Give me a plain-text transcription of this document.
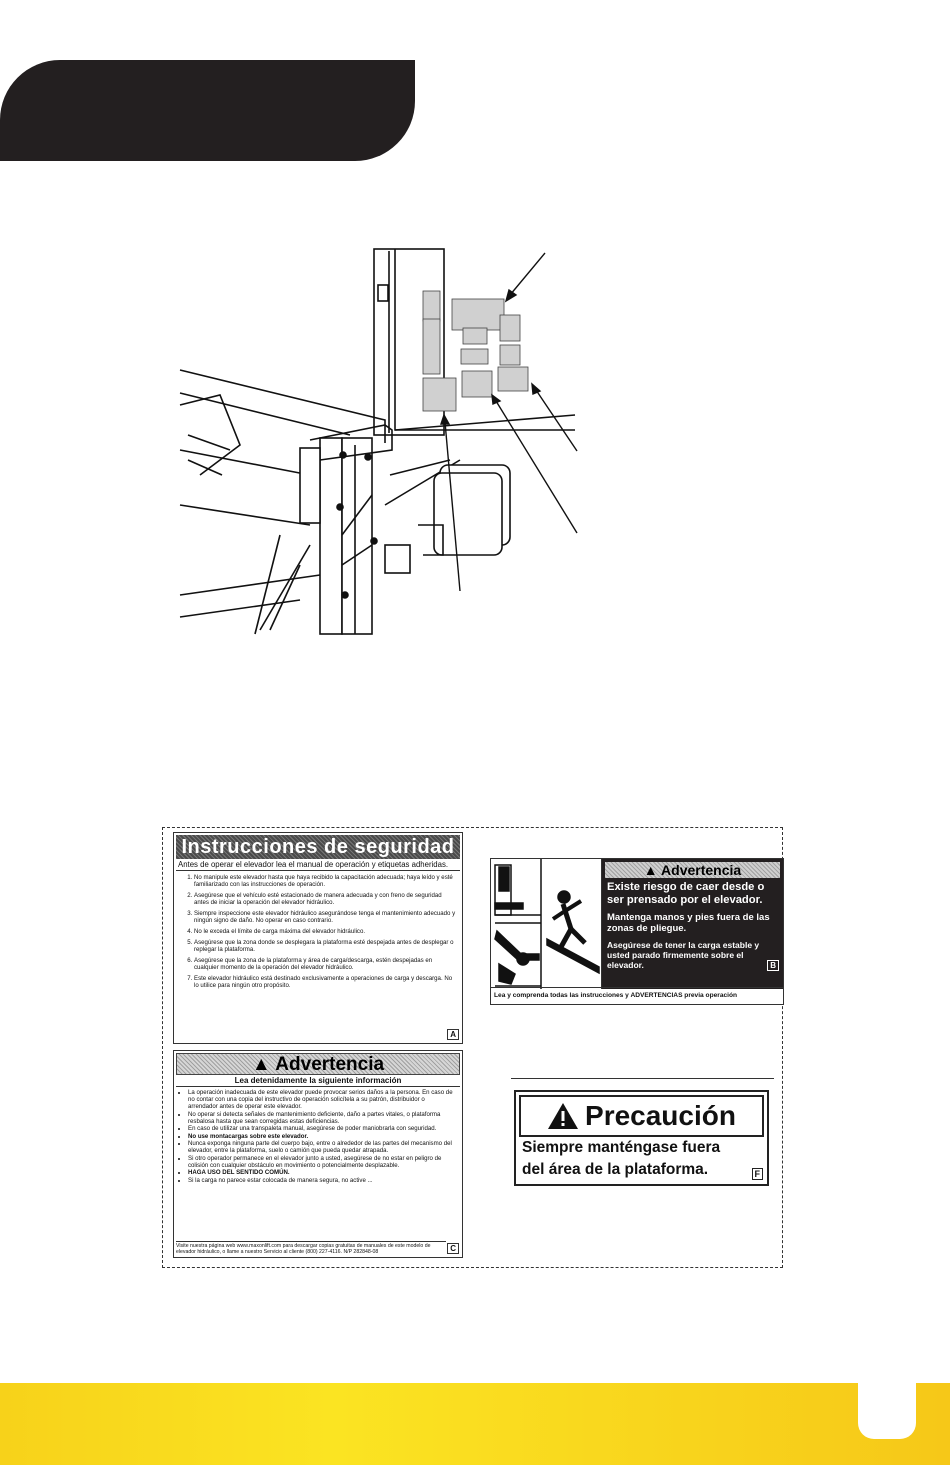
Instrucciones de seguridad
Antes de operar el elevador lea el manual de operación y etiquetas adheridas.
1. No manipule este elevador hasta que haya recibido la capacitación adecuada; haya leído y esté familiarizado con las instrucciones de operación.
2. Asegúrese que el vehículo esté estacionado de manera adecuada y con freno de seguridad antes de iniciar la operación del elevador hidráulico.
3. Siempre inspeccione este elevador hidráulico asegurándose tenga el mantenimiento adecuado y ningún signo de daño. No operar en caso contrario.
4. No le exceda el límite de carga máxima del elevador hidráulico.
5. Asegúrese que la zona donde se desplegara la plataforma esté despejada antes de desplegar o replegar la plataforma.
6. Asegúrese que la zona de la plataforma y área de carga/descarga, estén despejadas en cualquier momento de la operación del elevador hidráulico.
7. Este elevador hidráulico está destinado exclusivamente a operaciones de carga y descarga. No lo utilice para ningún otro propósito.
A
▲ Advertencia
Lea detenidamente la siguiente información
• La operación inadecuada de este elevador puede provocar serios daños a la persona. En caso de no contar con una copia del instructivo de operación solicítela a su patrón, distribuidor o arrendador antes de operar este elevador.
• No operar si detecta señales de mantenimiento deficiente, daño a partes vitales, o plataforma resbalosa hasta que sean corregidas estas deficiencias.
• En caso de utilizar una transpaleta manual, asegúrese de poder maniobrarla con seguridad.
• No use montacargas sobre este elevador.
• Nunca exponga ninguna parte del cuerpo bajo, entre o alrededor de las partes del mecanismo del elevador, entre la plataforma, suelo o camión que pueda quedar atrapada.
• Si otro operador permanece en el elevador junto a usted, asegúrese de no estar en peligro de colisión con cualquier obstáculo en movimiento o potencialmente desplazable.
• HAGA USO DEL SENTIDO COMÚN.
• Si la carga no parece estar colocada de manera segura, no active ...
Visite nuestra página web www.maxonlift.com para descargar copias gratuitas de manuales de este modelo de elevador hidráulico, o llame a nuestro Servicio al cliente (800) 227-4116. N/P 282848-08	C
▲ Advertencia
Existe riesgo de caer desde o ser prensado por el elevador.
Mantenga manos y pies fuera de las zonas de pliegue.
Asegúrese de tener la carga estable y usted parado firmemente sobre el elevador.	B
Lea y comprenda todas las instrucciones y ADVERTENCIAS previa operación
Precaución
Siempre manténgase fuera
del área de la plataforma.	F
